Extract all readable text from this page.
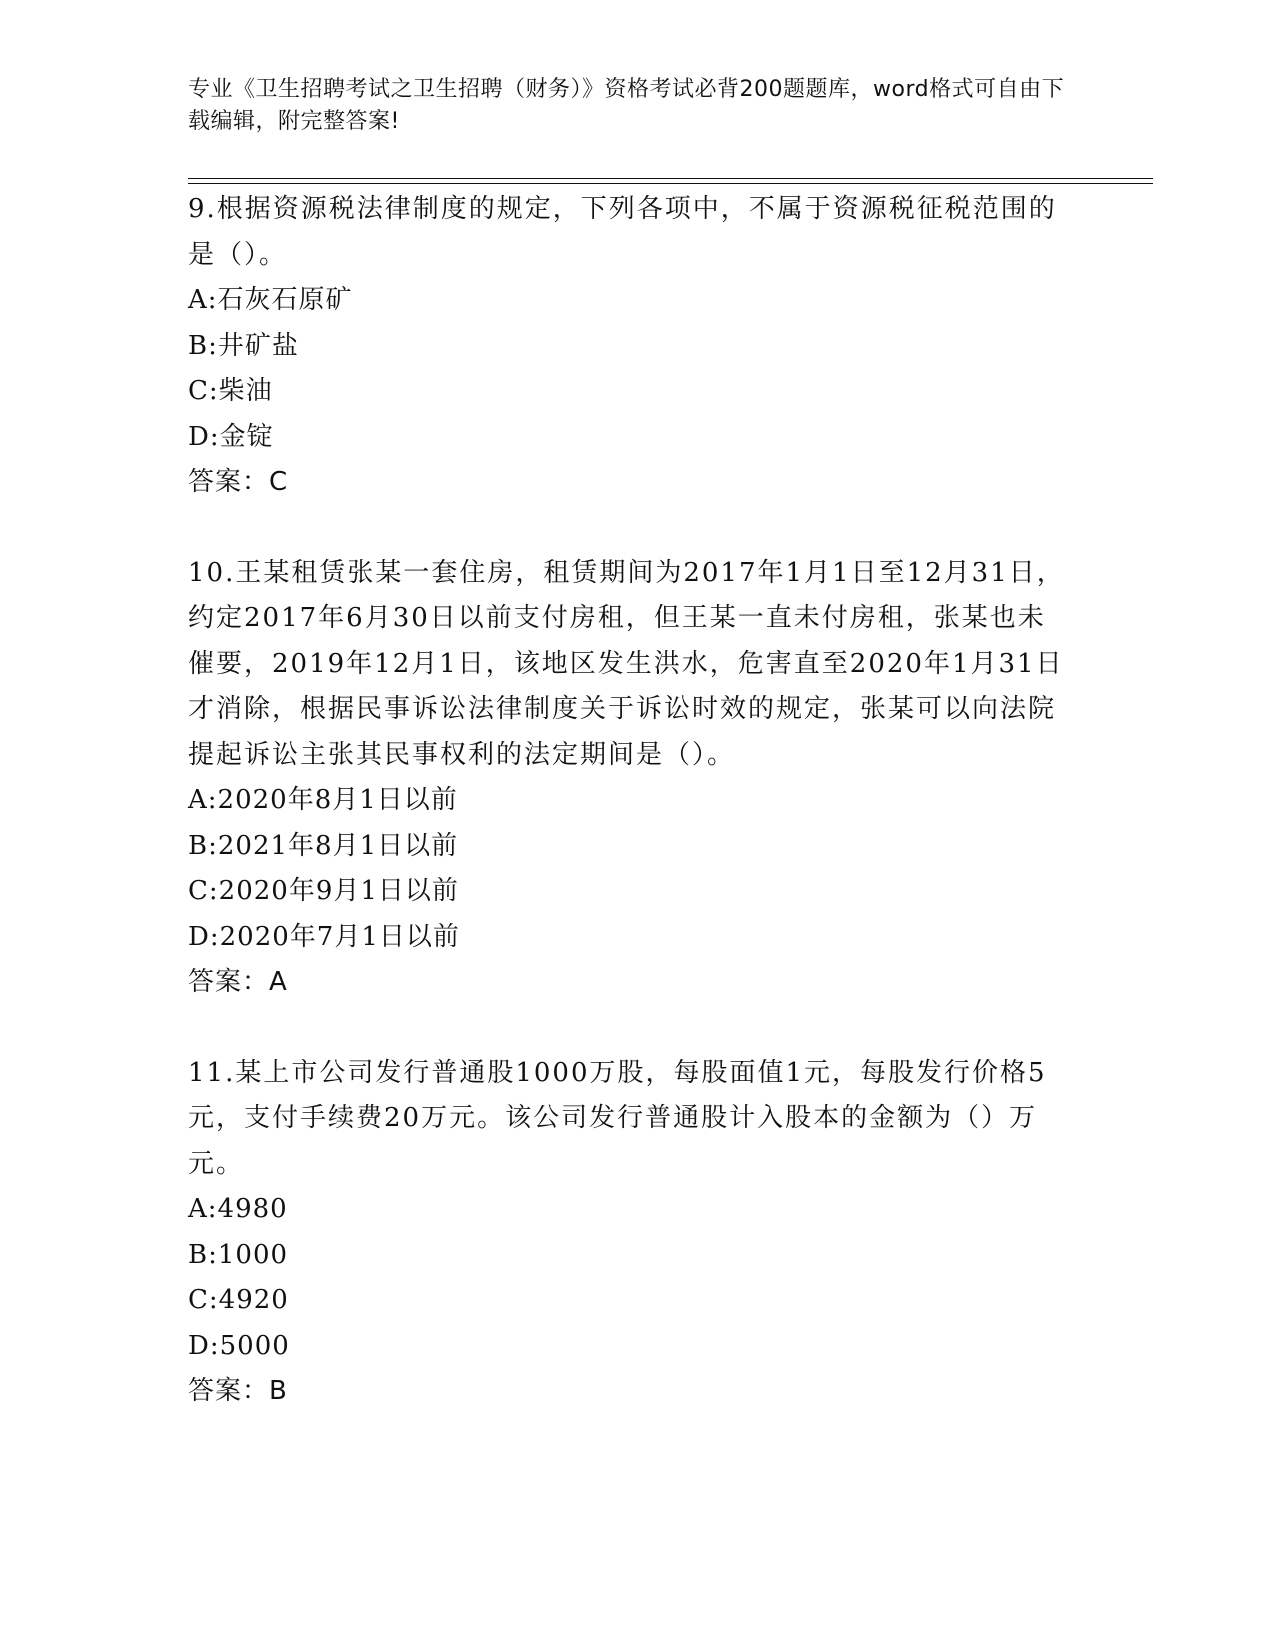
专业《卫生招聘考试之卫生招聘（财务）》资格考试必背200题题库，word格式可自由下载编辑，附完整答案!
9.根据资源税法律制度的规定，下列各项中，不属于资源税征税范围的是（）。
A:石灰石原矿
B:井矿盐
C:柴油
D:金锭
答案：C
10.王某租赁张某一套住房，租赁期间为2017年1月1日至12月31日，约定2017年6月30日以前支付房租，但王某一直未付房租，张某也未催要，2019年12月1日，该地区发生洪水，危害直至2020年1月31日才消除，根据民事诉讼法律制度关于诉讼时效的规定，张某可以向法院提起诉讼主张其民事权利的法定期间是（）。
A:2020年8月1日以前
B:2021年8月1日以前
C:2020年9月1日以前
D:2020年7月1日以前
答案：A
11.某上市公司发行普通股1000万股，每股面值1元，每股发行价格5元，支付手续费20万元。该公司发行普通股计入股本的金额为（）万元。
A:4980
B:1000
C:4920
D:5000
答案：B
